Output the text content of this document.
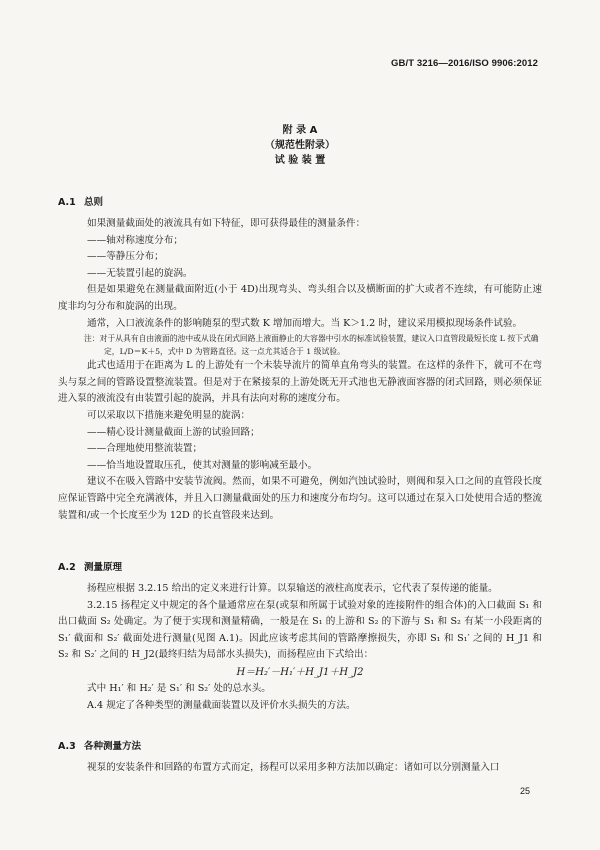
GB/T 3216—2016/ISO 9906:2012
附 录 A
（规范性附录）
试 验 装 置
A.1 总则

如果测量截面处的液流具有如下特征，即可获得最佳的测量条件：

——轴对称速度分布；

——等静压分布；

——无装置引起的旋涡。

但是如果避免在测量截面附近(小于 4D)出现弯头、弯头组合以及横断面的扩大或者不连续，有可能防止速度非均匀分布和旋涡的出现。

通常，入口液流条件的影响随泵的型式数 K 增加而增大。当 K＞1.2 时，建议采用模拟现场条件试验。

注：对于从具有自由液面的池中或从设在闭式回路上液面静止的大容器中引水的标准试验装置，建议入口直管段最短长度 L 按下式确定，L/D＝K＋5，式中 D 为管路直径。这一点尤其适合于 1 级试验。

此式也适用于在距离为 L 的上游处有一个未装导流片的简单直角弯头的装置。在这样的条件下，就可不在弯头与泵之间的管路设置整流装置。但是对于在紧接泵的上游处既无开式池也无静液面容器的闭式回路，则必须保证进入泵的液流没有由装置引起的旋涡，并具有法向对称的速度分布。

可以采取以下措施来避免明显的旋涡：

——精心设计测量截面上游的试验回路；

——合理地使用整流装置；

——恰当地设置取压孔，使其对测量的影响减至最小。

建议不在吸入管路中安装节流阀。然而，如果不可避免，例如汽蚀试验时，则阀和泵入口之间的直管段长度应保证管路中完全充满液体，并且入口测量截面处的压力和速度分布均匀。这可以通过在泵入口处使用合适的整流装置和/或一个长度至少为 12D 的长直管段来达到。

A.2 测量原理

扬程应根据 3.2.15 给出的定义来进行计算。以泵输送的液柱高度表示，它代表了泵传递的能量。

3.2.15 扬程定义中规定的各个量通常应在泵(或泵和所属于试验对象的连接附件的组合体)的入口截面 S₁ 和出口截面 S₂ 处确定。为了便于实现和测量精确，一般是在 S₁ 的上游和 S₂ 的下游与 S₁ 和 S₂ 有某一小段距离的 S₁′ 截面和 S₂′ 截面处进行测量(见图 A.1)。因此应该考虑其间的管路摩擦损失，亦即 S₁ 和 S₁′ 之间的 H_J1 和 S₂ 和 S₂′ 之间的 H_J2(最终归结为局部水头损失)，而扬程应由下式给出：

H＝H₂′－H₁′＋H_J1＋H_J2

式中 H₁′ 和 H₂′ 是 S₁′ 和 S₂′ 处的总水头。

A.4 规定了各种类型的测量截面装置以及评价水头损失的方法。

A.3 各种测量方法

视泵的安装条件和回路的布置方式而定，扬程可以采用多种方法加以确定：诸如可以分别测量入口

25
